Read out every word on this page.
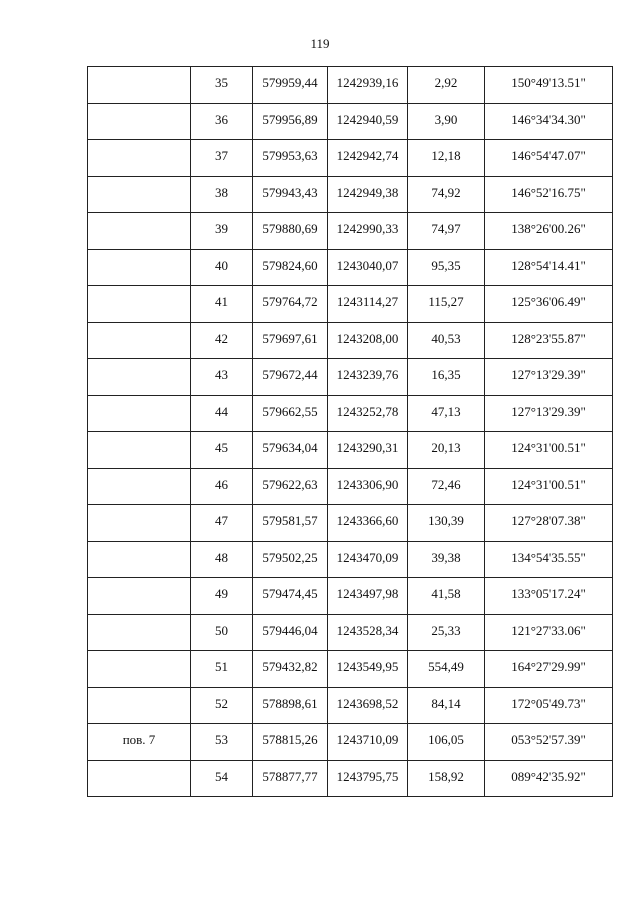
119
	35	579959,44	1242939,16	2,92	150°49'13.51"
	36	579956,89	1242940,59	3,90	146°34'34.30"
	37	579953,63	1242942,74	12,18	146°54'47.07"
	38	579943,43	1242949,38	74,92	146°52'16.75"
	39	579880,69	1242990,33	74,97	138°26'00.26"
	40	579824,60	1243040,07	95,35	128°54'14.41"
	41	579764,72	1243114,27	115,27	125°36'06.49"
	42	579697,61	1243208,00	40,53	128°23'55.87"
	43	579672,44	1243239,76	16,35	127°13'29.39"
	44	579662,55	1243252,78	47,13	127°13'29.39"
	45	579634,04	1243290,31	20,13	124°31'00.51"
	46	579622,63	1243306,90	72,46	124°31'00.51"
	47	579581,57	1243366,60	130,39	127°28'07.38"
	48	579502,25	1243470,09	39,38	134°54'35.55"
	49	579474,45	1243497,98	41,58	133°05'17.24"
	50	579446,04	1243528,34	25,33	121°27'33.06"
	51	579432,82	1243549,95	554,49	164°27'29.99"
	52	578898,61	1243698,52	84,14	172°05'49.73"
пов. 7	53	578815,26	1243710,09	106,05	053°52'57.39"
	54	578877,77	1243795,75	158,92	089°42'35.92"
